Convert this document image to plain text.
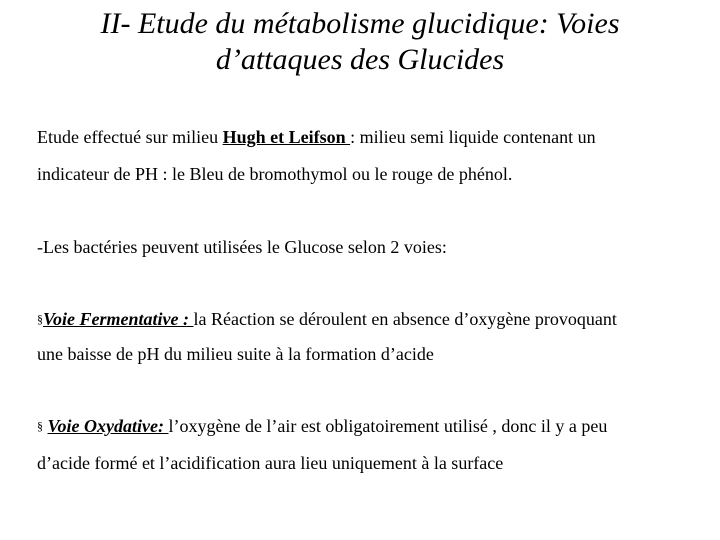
II- Etude du métabolisme glucidique: Voies
d’attaques des Glucides

Etude effectué sur milieu Hugh et Leifson : milieu semi liquide contenant un

indicateur de PH : le Bleu de bromothymol ou le rouge de phénol.

-Les bactéries peuvent utilisées le Glucose selon 2 voies:

§Voie Fermentative : la Réaction se déroulent en absence d’oxygène provoquant

une baisse de pH du milieu suite à la formation d’acide

§ Voie Oxydative: l’oxygène de l’air est obligatoirement utilisé , donc il y a peu

d’acide formé et l’acidification aura lieu uniquement à la surface
